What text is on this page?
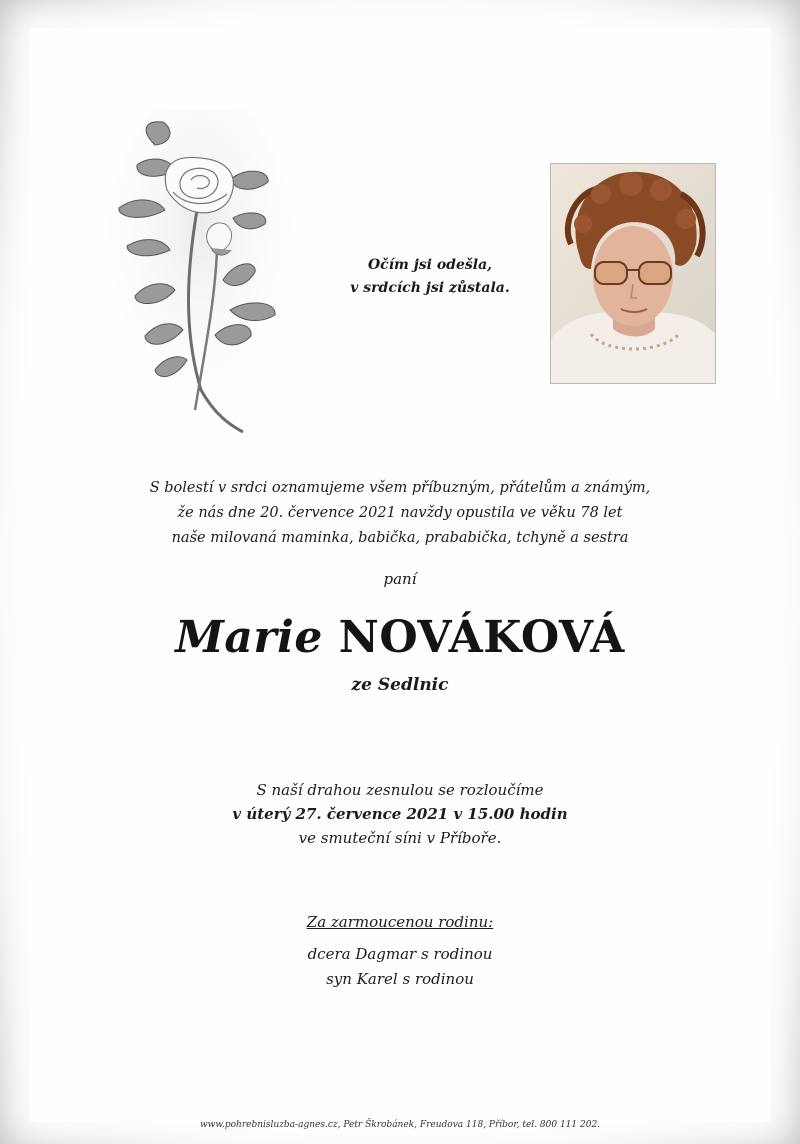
Očím jsi odešla,
v srdcích jsi zůstala.
S bolestí v srdci oznamujeme všem příbuzným, přátelům a známým,
že nás dne 20. července 2021 navždy opustila ve věku 78 let
naše milovaná maminka, babička, prababička, tchyně a sestra
paní
Marie NOVÁKOVÁ
ze Sedlnic
S naší drahou zesnulou se rozloučíme
v úterý 27. července 2021 v 15.00 hodin
ve smuteční síni v Příboře.
Za zarmoucenou rodinu:
dcera Dagmar s rodinou
syn Karel s rodinou
www.pohrebnisluzba-agnes.cz, Petr Škrobánek, Freudova 118, Příbor, tel. 800 111 202.
